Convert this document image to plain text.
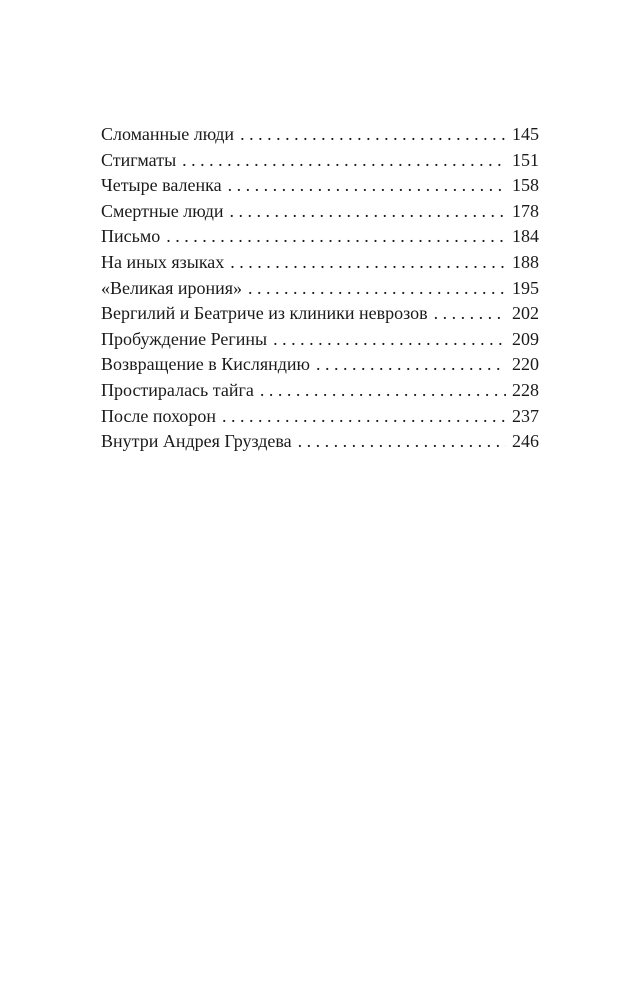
Сломанные люди . . .	145
Стигматы . . .	151
Четыре валенка . . .	158
Смертные люди . . .	178
Письмо . . .	184
На иных языках . . .	188
«Великая ирония» . . .	195
Вергилий и Беатриче из клиники неврозов . . .	202
Пробуждение Регины . . .	209
Возвращение в Кисляндию . . .	220
Простиралась тайга . . .	228
После похорон . . .	237
Внутри Андрея Груздева . . .	246
